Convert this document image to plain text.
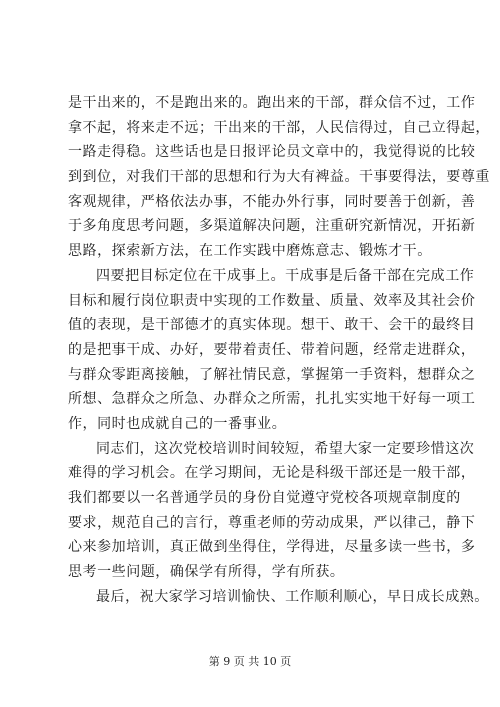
是干出来的，不是跑出来的。跑出来的干部，群众信不过，工作
拿不起，将来走不远；干出来的干部，人民信得过，自己立得起，
一路走得稳。这些话也是日报评论员文章中的，我觉得说的比较
到到位，对我们干部的思想和行为大有裨益。干事要得法，要尊重
客观规律，严格依法办事，不能办外行事，同时要善于创新，善
于多角度思考问题，多渠道解决问题，注重研究新情况，开拓新
思路，探索新方法，在工作实践中磨炼意志、锻炼才干。
四要把目标定位在干成事上。干成事是后备干部在完成工作
目标和履行岗位职责中实现的工作数量、质量、效率及其社会价
值的表现，是干部德才的真实体现。想干、敢干、会干的最终目
的是把事干成、办好，要带着责任、带着问题，经常走进群众，
与群众零距离接触，了解社情民意，掌握第一手资料，想群众之
所想、急群众之所急、办群众之所需，扎扎实实地干好每一项工
作，同时也成就自己的一番事业。
同志们，这次党校培训时间较短，希望大家一定要珍惜这次
难得的学习机会。在学习期间，无论是科级干部还是一般干部，
我们都要以一名普通学员的身份自觉遵守党校各项规章制度的
要求，规范自己的言行，尊重老师的劳动成果，严以律己，静下
心来参加培训，真正做到坐得住，学得进，尽量多读一些书，多
思考一些问题，确保学有所得，学有所获。
最后，祝大家学习培训愉快、工作顺利顺心，早日成长成熟。
第 9 页 共 10 页
